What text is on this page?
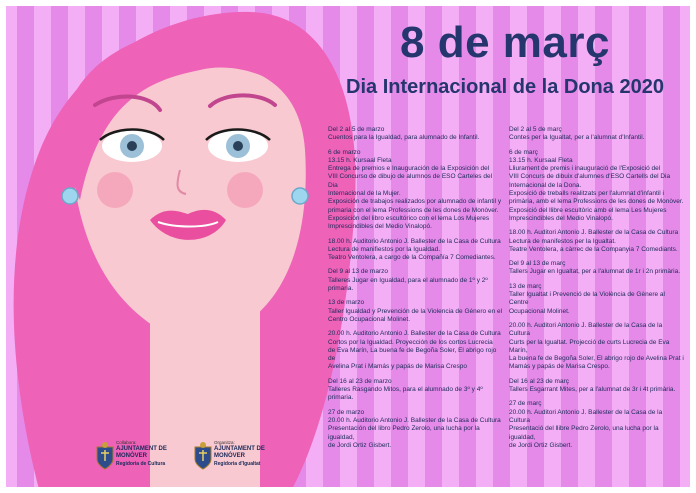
8 de març
Dia Internacional de la Dona 2020
Del 2 al 5 de marzo
Cuentos para la Igualdad, para alumnado de Infantil.
6 de marzo
13.15 h. Kursaal Fleta
Entrega de premios e Inauguración de la Exposición del
VIII Concurso de dibujo de alumnos de ESO Carteles del Dia
Internacional de la Mujer.
Exposición de trabajos realizados por alumnado de infantil y
primaria con el lema Professions de les dones de Monòver.
Exposición del libro escultórico con el lema Los Mujeres
Imprescindibles del Medio Vinalopó.
18.00 h. Auditorio Antonio J. Ballester de la Casa de Cultura
Lectura de manifiestos por la Igualdad.
Teatro Ventolera, a cargo de la Compañía 7 Comediantes.
Del 9 al 13 de marzo
Talleres Jugar en Igualdad, para el alumnado de 1º y 2º primaria.
13 de marzo
Taller Igualdad y Prevención de la Violencia de Género en el
Centro Ocupacional Molinet.
20.00 h. Auditorio Antonio J. Ballester de la Casa de Cultura
Cortos por la Igualdad. Proyección de los cortos Lucrecia
de Eva Marín, La buena fe de Begoña Soler, El abrigo rojo de
Avelina Prat i Mamás y papás de Marisa Crespo
Del 16 al 23 de marzo
Talleres Rasgando Mitos, para el alumnado de 3º y 4º primaria.
27 de marzo
20.00 h. Auditorio Antonio J. Ballester de la Casa de Cultura
Presentación del libro Pedro Zerolo, una lucha por la igualdad,
de Jordi Ortiz Gisbert.
Del 2 al 5 de març
Contes per la Igualtat, per a l'alumnat d'Infantil.
6 de març
13.15 h. Kursaal Fleta
Lliurament de premis i inauguració de l'Exposició del
VIII Concurs de dibuix d'alumnes d'ESO Cartells del Dia
Internacional de la Dona.
Exposició de treballs realitzats per l'alumnat d'infantil i
primària, amb el lema Professions de les dones de Monòver.
Exposició del llibre escultòric amb el lema Les Mujeres
Imprescindibles del Medio Vinalopó.
18.00 h. Auditori Antonio J. Ballester de la Casa de Cultura
Lectura de manifestos per la Igualtat.
Teatre Ventolera, a càrrec de la Companyia 7 Comediants.
Del 9 al 13 de març
Tallers Jugar en Igualtat, per a l'alumnat de 1r i 2n primària.
13 de març
Taller Igualtat i Prevenció de la Violència de Gènere al Centre
Ocupacional Molinet.
20.00 h. Auditori Antonio J. Ballester de la Casa de la Cultura
Curts per la Igualtat. Projecció de curts Lucrecia de Eva Marín,
La buena fe de Begoña Soler, El abrigo rojo de Avelina Prat i
Mamás y papás de Marisa Crespo.
Del 16 al 23 de març
Tallers Esgarrant Mites, per a l'alumnat de 3r i 4t primària.
27 de març
20.00 h. Auditori Antonio J. Ballester de la Casa de la Cultura
Presentació del llibre Pedro Zerolo, una lucha por la igualdad,
de Jordi Ortiz Gisbert.
Collabora:
AJUNTAMENT DE
MONÒVER
Regidoria de Cultura
Organitza:
AJUNTAMENT DE
MONÒVER
Regidoria d'Igualtat
